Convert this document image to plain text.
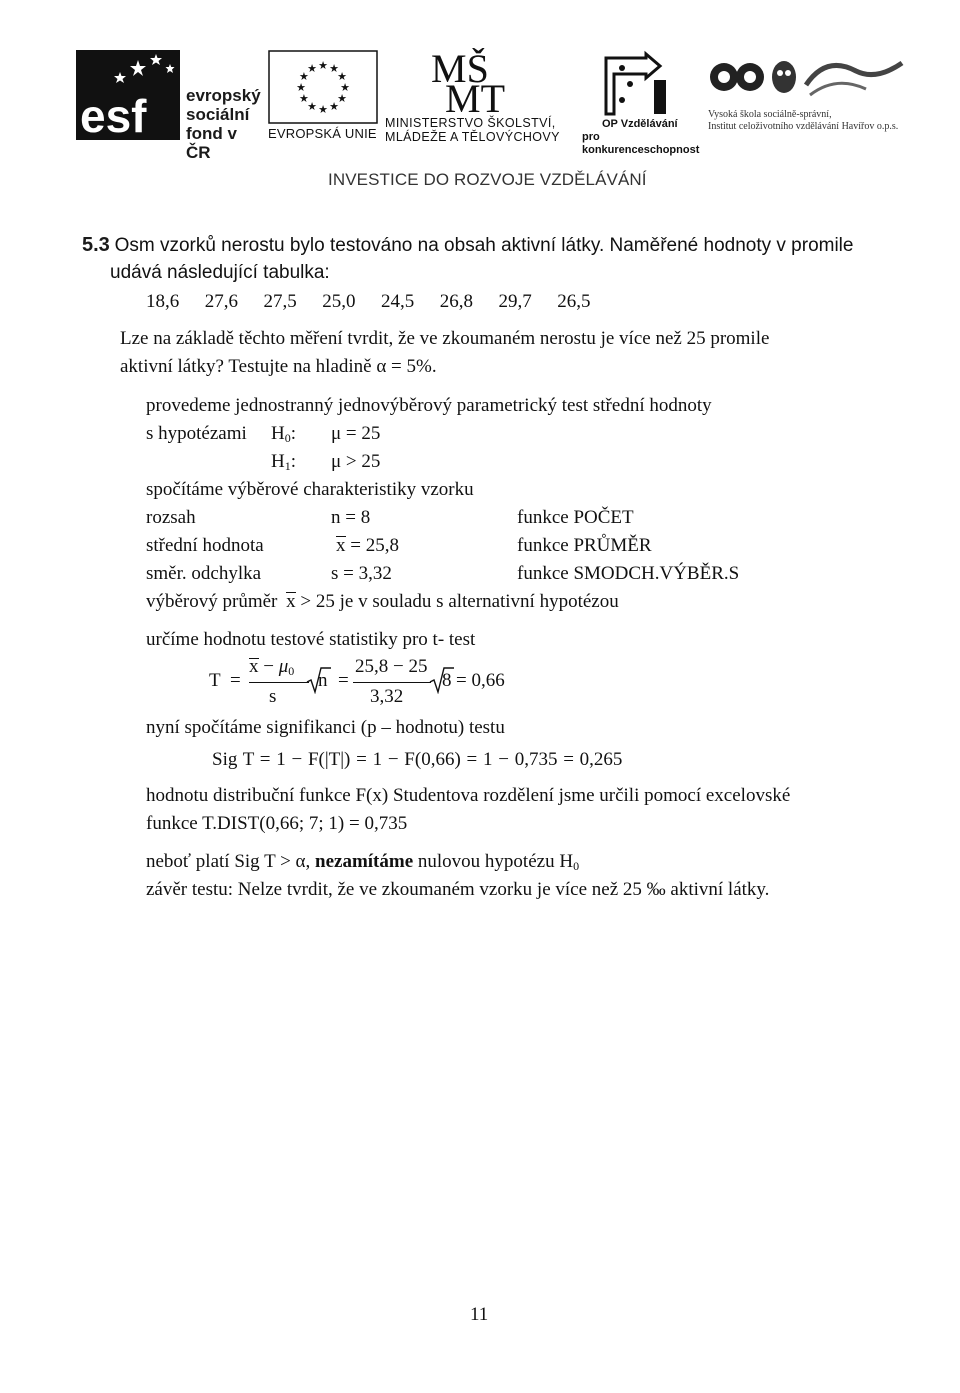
esf evropský
sociální
fond v ČR
★ ★
★
★
★
★
★
★
★
★
★
★
EVROPSKÁ UNIE
MŠ
MT
MINISTERSTVO ŠKOLSTVÍ,
MLÁDEŽE A TĚLOVÝCHOVY
2007-13
OP Vzdělávání
pro konkurenceschopnost
Vysoká škola sociálně-správní,
Institut celoživotního vzdělávání Havířov o.p.s.
INVESTICE DO ROZVOJE VZDĚLÁVÁNÍ
5.3 Osm vzorků nerostu bylo testováno na obsah aktivní látky. Naměřené hodnoty v promile
udává následující tabulka:
18,6 27,6 27,5 25,0 24,5 26,8 29,7 26,5
Lze na základě těchto měření tvrdit, že ve zkoumaném nerostu je více než 25 promile
aktivní látky? Testujte na hladině α = 5%.
provedeme jednostranný jednovýběrový parametrický test střední hodnoty
s hypotézami $H_0$: μ = 25
$H_1$: μ > 25
spočítáme výběrové charakteristiky vzorku
rozsah	n = 8	funkce POČET
střední hodnota	x = 25,8	funkce PRŮMĚR
směr. odchylka	s = 3,32	funkce SMODCH.VÝBĚR.S
výběrový průměr x > 25 je v souladu s alternativní hypotézou
určíme hodnotu testové statistiky pro t- test
T =
$x - \mu_0$
s
n =
25,8 − 25
3,32
8 = 0,66
nyní spočítáme signifikanci (p – hodnotu) testu
Sig T = 1 − F(|T|) = 1 − F(0,66) = 1 − 0,735 = 0,265
hodnotu distribuční funkce F(x) Studentova rozdělení jsme určili pomocí excelovské
funkce T.DIST(0,66; 7; 1) = 0,735
neboť platí Sig T > α, nezamítáme nulovou hypotézu $H_0$
závěr testu: Nelze tvrdit, že ve zkoumaném vzorku je více než 25 ‰ aktivní látky.
11
